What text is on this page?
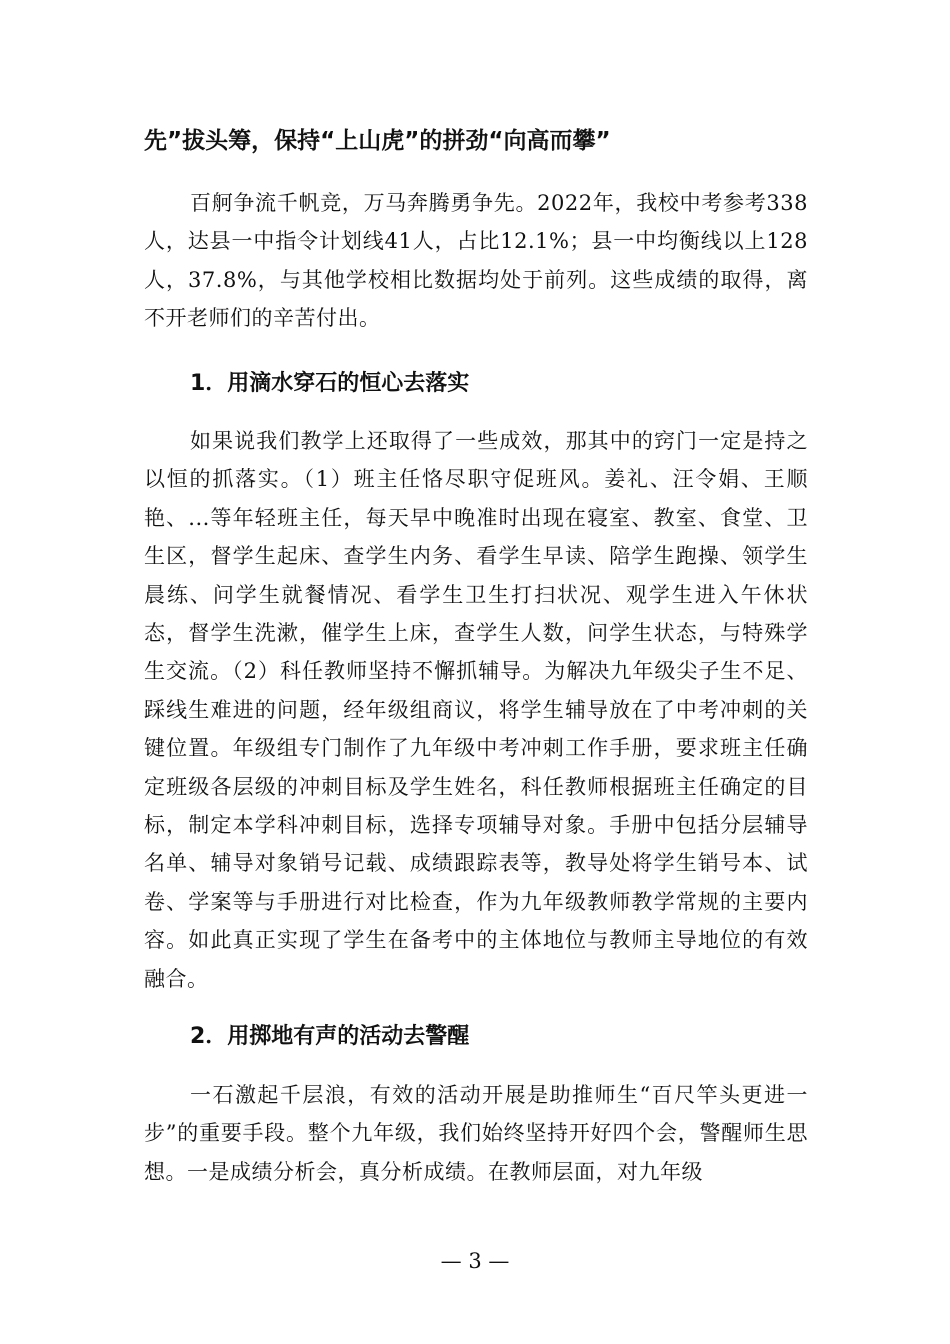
先”拔头筹，保持“上山虎”的拼劲“向高而攀”
百舸争流千帆竞，万马奔腾勇争先。2022年，我校中考参考338人，达县一中指令计划线41人，占比12.1%；县一中均衡线以上128人，37.8%，与其他学校相比数据均处于前列。这些成绩的取得，离不开老师们的辛苦付出。
1．用滴水穿石的恒心去落实
如果说我们教学上还取得了一些成效，那其中的窍门一定是持之以恒的抓落实。（1）班主任恪尽职守促班风。姜礼、汪令娟、王顺艳、...等年轻班主任，每天早中晚准时出现在寝室、教室、食堂、卫生区，督学生起床、查学生内务、看学生早读、陪学生跑操、领学生晨练、问学生就餐情况、看学生卫生打扫状况、观学生进入午休状态，督学生洗漱，催学生上床，查学生人数，问学生状态，与特殊学生交流。（2）科任教师坚持不懈抓辅导。为解决九年级尖子生不足、踩线生难进的问题，经年级组商议，将学生辅导放在了中考冲刺的关键位置。年级组专门制作了九年级中考冲刺工作手册，要求班主任确定班级各层级的冲刺目标及学生姓名，科任教师根据班主任确定的目标，制定本学科冲刺目标，选择专项辅导对象。手册中包括分层辅导名单、辅导对象销号记载、成绩跟踪表等，教导处将学生销号本、试卷、学案等与手册进行对比检查，作为九年级教师教学常规的主要内容。如此真正实现了学生在备考中的主体地位与教师主导地位的有效融合。
2．用掷地有声的活动去警醒
一石激起千层浪，有效的活动开展是助推师生“百尺竿头更进一步”的重要手段。整个九年级，我们始终坚持开好四个会，警醒师生思想。一是成绩分析会，真分析成绩。在教师层面，对九年级
— 3 —
